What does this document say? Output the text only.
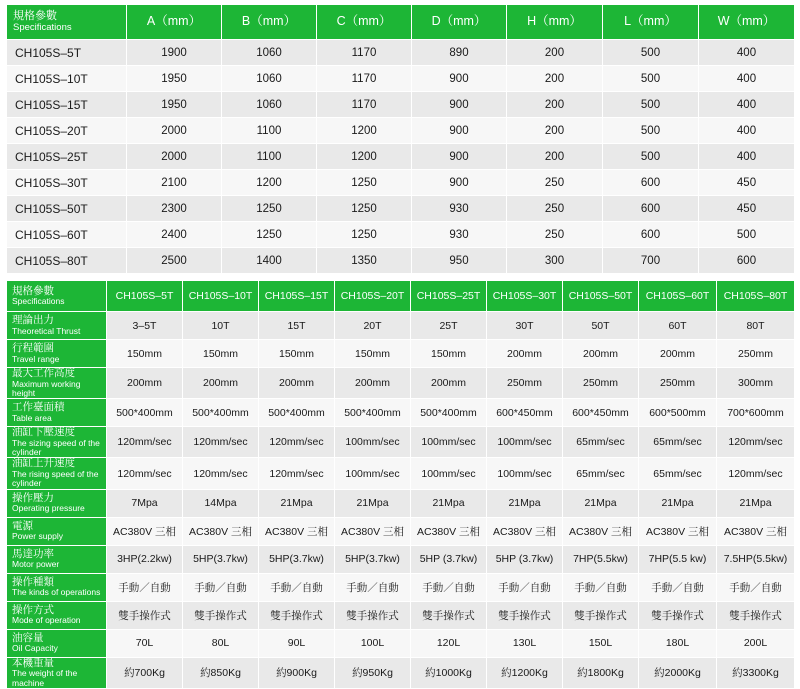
規格參數
Specifications	A（mm）	B（mm）	C（mm）	D（mm）	H（mm）	L（mm）	W（mm）
CH105S–5T	1900	1060	1170	890	200	500	400
CH105S–10T	1950	1060	1170	900	200	500	400
CH105S–15T	1950	1060	1170	900	200	500	400
CH105S–20T	2000	1100	1200	900	200	500	400
CH105S–25T	2000	1100	1200	900	200	500	400
CH105S–30T	2100	1200	1250	900	250	600	450
CH105S–50T	2300	1250	1250	930	250	600	450
CH105S–60T	2400	1250	1250	930	250	600	500
CH105S–80T	2500	1400	1350	950	300	700	600
規格參數
Specifications	CH105S–5T	CH105S–10T	CH105S–15T	CH105S–20T	CH105S–25T	CH105S–30T	CH105S–50T	CH105S–60T	CH105S–80T

理論出力
Theoretical Thrust	3–5T	10T	15T	20T	25T	30T	50T	60T	80T

行程範圍
Travel range	150mm	150mm	150mm	150mm	150mm	200mm	200mm	200mm	250mm

最大工作高度
Maximum working height	200mm	200mm	200mm	200mm	200mm	250mm	250mm	250mm	300mm

工作臺面積
Table area	500*400mm	500*400mm	500*400mm	500*400mm	500*400mm	600*450mm	600*450mm	600*500mm	700*600mm

油缸下壓速度
The sizing speed of the cylinder	120mm/sec	120mm/sec	120mm/sec	100mm/sec	100mm/sec	100mm/sec	65mm/sec	65mm/sec	120mm/sec

油缸上升速度
The rising speed of the cylinder	120mm/sec	120mm/sec	120mm/sec	100mm/sec	100mm/sec	100mm/sec	65mm/sec	65mm/sec	120mm/sec

操作壓力
Operating pressure	7Mpa	14Mpa	21Mpa	21Mpa	21Mpa	21Mpa	21Mpa	21Mpa	21Mpa

電源
Power supply	AC380V 三相	AC380V 三相	AC380V 三相	AC380V 三相	AC380V 三相	AC380V 三相	AC380V 三相	AC380V 三相	AC380V 三相

馬達功率
Motor power	3HP(2.2kw)	5HP(3.7kw)	5HP(3.7kw)	5HP(3.7kw)	5HP (3.7kw)	5HP (3.7kw)	7HP(5.5kw)	7HP(5.5 kw)	7.5HP(5.5kw)

操作種類
The kinds of operations	手動／自動	手動／自動	手動／自動	手動／自動	手動／自動	手動／自動	手動／自動	手動／自動	手動／自動

操作方式
Mode of operation	雙手操作式	雙手操作式	雙手操作式	雙手操作式	雙手操作式	雙手操作式	雙手操作式	雙手操作式	雙手操作式

油容量
Oil Capacity	70L	80L	90L	100L	120L	130L	150L	180L	200L

本機重量
The weight of the machine	約700Kg	約850Kg	約900Kg	約950Kg	約1000Kg	約1200Kg	約1800Kg	約2000Kg	約3300Kg
